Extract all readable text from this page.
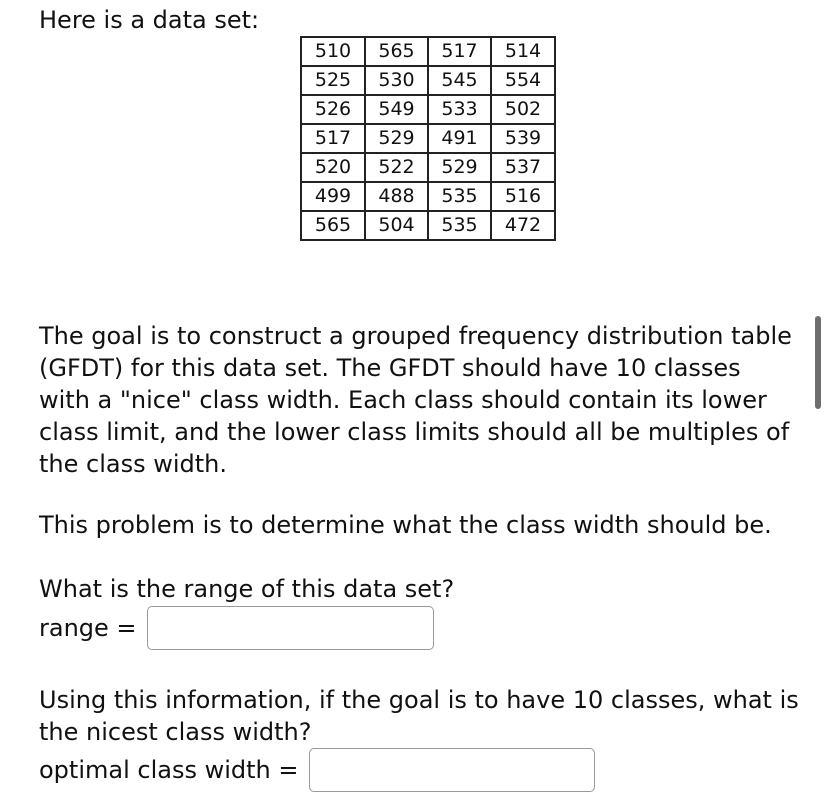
Here is a data set:

510	565	517	514
525	530	545	554
526	549	533	502
517	529	491	539
520	522	529	537
499	488	535	516
565	504	535	472

The goal is to construct a grouped frequency distribution table (GFDT) for this data set. The GFDT should have 10 classes with a "nice" class width. Each class should contain its lower class limit, and the lower class limits should all be multiples of the class width.

This problem is to determine what the class width should be.

What is the range of this data set?

range =

Using this information, if the goal is to have 10 classes, what is the nicest class width?

optimal class width =
